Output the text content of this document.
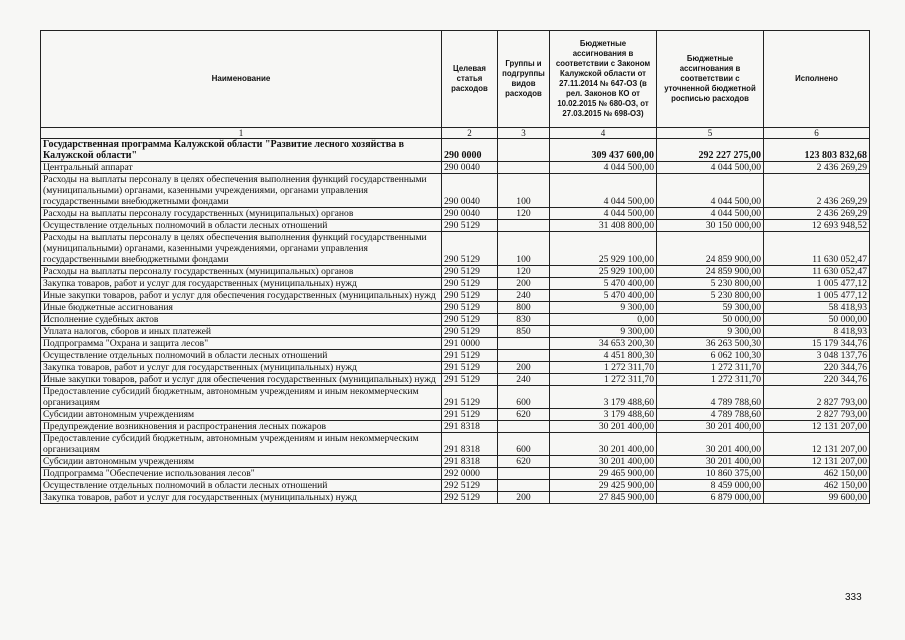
Наименование	Целевая статья расходов	Группы и подгруппы видов расходов	Бюджетные ассигнования в соответствии с Законом Калужской области от 27.11.2014 № 647-ОЗ (в рел. Законов КО от 10.02.2015 № 680-ОЗ, от 27.03.2015 № 698-ОЗ)	Бюджетные ассигнования в соответствии с уточненной бюджетной росписью расходов	Исполнено
1	2	3	4	5	6
Государственная программа Калужской области "Развитие лесного хозяйства в Калужской области"	290 0000		309 437 600,00	292 227 275,00	123 803 832,68
Центральный аппарат	290 0040		4 044 500,00	4 044 500,00	2 436 269,29
Расходы на выплаты персоналу в целях обеспечения выполнения функций государственными (муниципальными) органами, казенными учреждениями, органами управления государственными внебюджетными фондами	290 0040	100	4 044 500,00	4 044 500,00	2 436 269,29
Расходы на выплаты персоналу государственных (муниципальных) органов	290 0040	120	4 044 500,00	4 044 500,00	2 436 269,29
Осуществление отдельных полномочий в области лесных отношений	290 5129		31 408 800,00	30 150 000,00	12 693 948,52
Расходы на выплаты персоналу в целях обеспечения выполнения функций государственными (муниципальными) органами, казенными учреждениями, органами управления государственными внебюджетными фондами	290 5129	100	25 929 100,00	24 859 900,00	11 630 052,47
Расходы на выплаты персоналу государственных (муниципальных) органов	290 5129	120	25 929 100,00	24 859 900,00	11 630 052,47
Закупка товаров, работ и услуг для государственных (муниципальных) нужд	290 5129	200	5 470 400,00	5 230 800,00	1 005 477,12
Иные закупки товаров, работ и услуг для обеспечения государственных (муниципальных) нужд	290 5129	240	5 470 400,00	5 230 800,00	1 005 477,12
Иные бюджетные ассигнования	290 5129	800	9 300,00	59 300,00	58 418,93
Исполнение судебных актов	290 5129	830	0,00	50 000,00	50 000,00
Уплата налогов, сборов и иных платежей	290 5129	850	9 300,00	9 300,00	8 418,93
Подпрограмма "Охрана и защита лесов"	291 0000		34 653 200,30	36 263 500,30	15 179 344,76
Осуществление отдельных полномочий в области лесных отношений	291 5129		4 451 800,30	6 062 100,30	3 048 137,76
Закупка товаров, работ и услуг для государственных (муниципальных) нужд	291 5129	200	1 272 311,70	1 272 311,70	220 344,76
Иные закупки товаров, работ и услуг для обеспечения государственных (муниципальных) нужд	291 5129	240	1 272 311,70	1 272 311,70	220 344,76
Предоставление субсидий бюджетным, автономным учреждениям и иным некоммерческим организациям	291 5129	600	3 179 488,60	4 789 788,60	2 827 793,00
Субсидии автономным учреждениям	291 5129	620	3 179 488,60	4 789 788,60	2 827 793,00
Предупреждение возникновения и распространения лесных пожаров	291 8318		30 201 400,00	30 201 400,00	12 131 207,00
Предоставление субсидий бюджетным, автономным учреждениям и иным некоммерческим организациям	291 8318	600	30 201 400,00	30 201 400,00	12 131 207,00
Субсидии автономным учреждениям	291 8318	620	30 201 400,00	30 201 400,00	12 131 207,00
Подпрограмма "Обеспечение использования лесов"	292 0000		29 465 900,00	10 860 375,00	462 150,00
Осуществление отдельных полномочий в области лесных отношений	292 5129		29 425 900,00	8 459 000,00	462 150,00
Закупка товаров, работ и услуг для государственных (муниципальных) нужд	292 5129	200	27 845 900,00	6 879 000,00	99 600,00
333
